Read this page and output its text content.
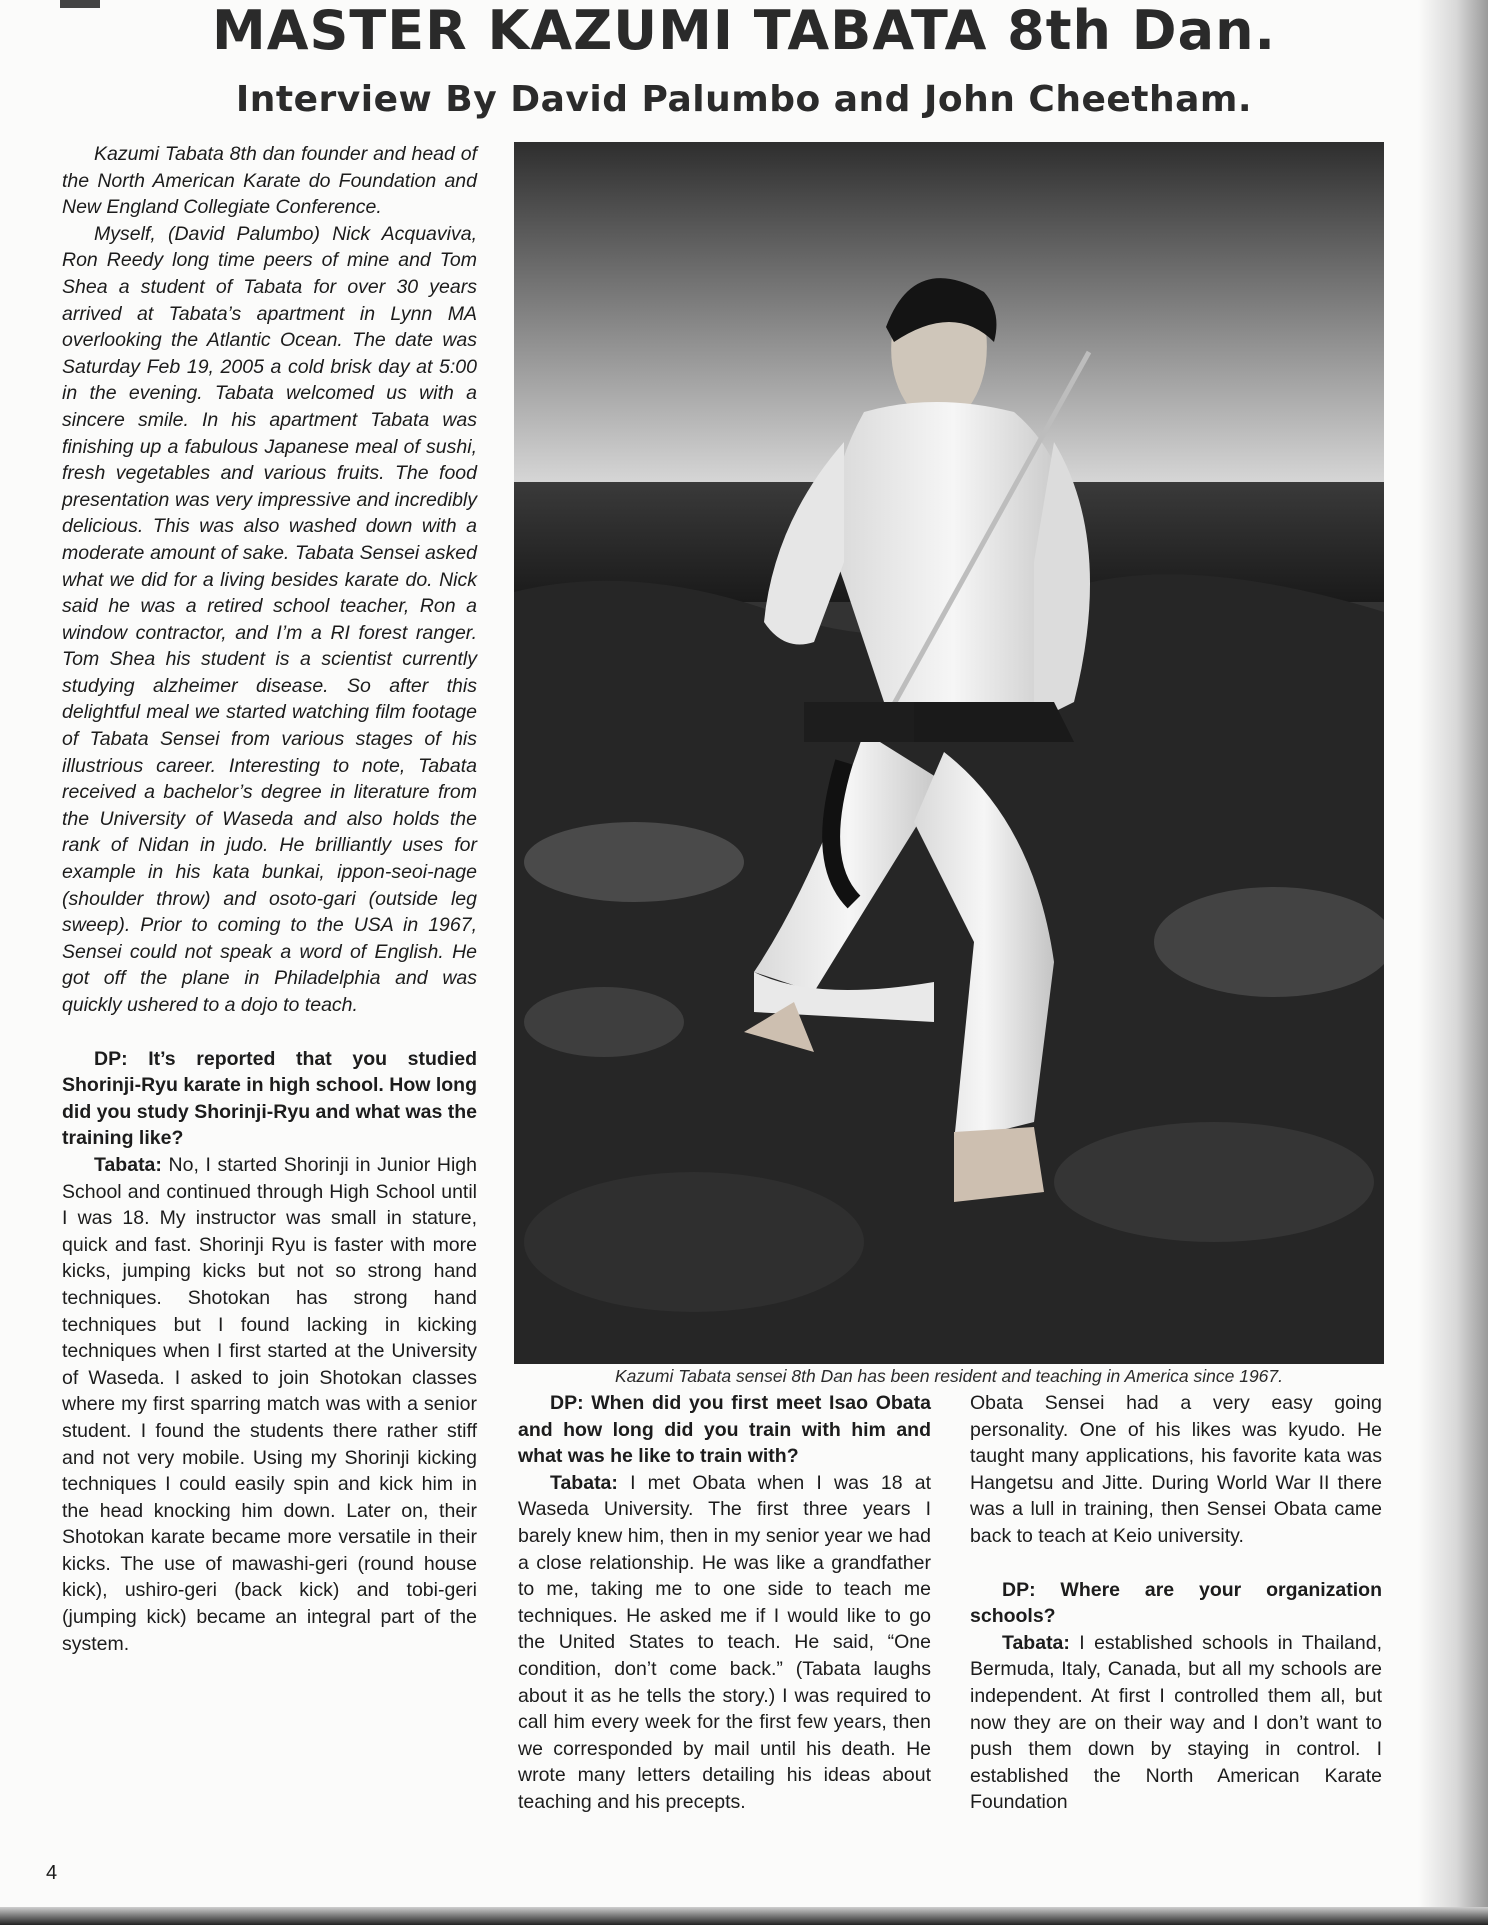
MASTER KAZUMI TABATA 8th Dan.
Interview By David Palumbo and John Cheetham.

Kazumi Tabata 8th dan founder and head of the North American Karate do Foundation and New England Collegiate Conference.

Myself, (David Palumbo) Nick Acquaviva, Ron Reedy long time peers of mine and Tom Shea a student of Tabata for over 30 years arrived at Tabata’s apartment in Lynn MA overlooking the Atlantic Ocean. The date was Saturday Feb 19, 2005 a cold brisk day at 5:00 in the evening. Tabata welcomed us with a sincere smile. In his apartment Tabata was finishing up a fabulous Japanese meal of sushi, fresh vegetables and various fruits. The food presentation was very impressive and incredibly delicious. This was also washed down with a moderate amount of sake. Tabata Sensei asked what we did for a living besides karate do. Nick said he was a retired school teacher, Ron a window contractor, and I’m a RI forest ranger. Tom Shea his student is a scientist currently studying alzheimer disease. So after this delightful meal we started watching film footage of Tabata Sensei from various stages of his illustrious career. Interesting to note, Tabata received a bachelor’s degree in literature from the University of Waseda and also holds the rank of Nidan in judo. He brilliantly uses for example in his kata bunkai, ippon-seoi-nage (shoulder throw) and osoto-gari (outside leg sweep). Prior to coming to the USA in 1967, Sensei could not speak a word of English. He got off the plane in Philadelphia and was quickly ushered to a dojo to teach.

DP: It’s reported that you studied Shorinji-Ryu karate in high school. How long did you study Shorinji-Ryu and what was the training like?

Tabata: No, I started Shorinji in Junior High School and continued through High School until I was 18. My instructor was small in stature, quick and fast. Shorinji Ryu is faster with more kicks, jumping kicks but not so strong hand techniques. Shotokan has strong hand techniques but I found lacking in kicking techniques when I first started at the University of Waseda. I asked to join Shotokan classes where my first sparring match was with a senior student. I found the students there rather stiff and not very mobile. Using my Shorinji kicking techniques I could easily spin and kick him in the head knocking him down. Later on, their Shotokan karate became more versatile in their kicks. The use of mawashi-geri (round house kick), ushiro-geri (back kick) and tobi-geri (jumping kick) became an integral part of the system.

Kazumi Tabata sensei 8th Dan has been resident and teaching in America since 1967.

DP: When did you first meet Isao Obata and how long did you train with him and what was he like to train with?

Tabata: I met Obata when I was 18 at Waseda University. The first three years I barely knew him, then in my senior year we had a close relationship. He was like a grandfather to me, taking me to one side to teach me techniques. He asked me if I would like to go the United States to teach. He said, “One condition, don’t come back.” (Tabata laughs about it as he tells the story.) I was required to call him every week for the first few years, then we corresponded by mail until his death. He wrote many letters detailing his ideas about teaching and his precepts.

Obata Sensei had a very easy going personality. One of his likes was kyudo. He taught many applications, his favorite kata was Hangetsu and Jitte. During World War II there was a lull in training, then Sensei Obata came back to teach at Keio university.

DP: Where are your organization schools?

Tabata: I established schools in Thailand, Bermuda, Italy, Canada, but all my schools are independent. At first I controlled them all, but now they are on their way and I don’t want to push them down by staying in control. I established the North American Karate Foundation

4
